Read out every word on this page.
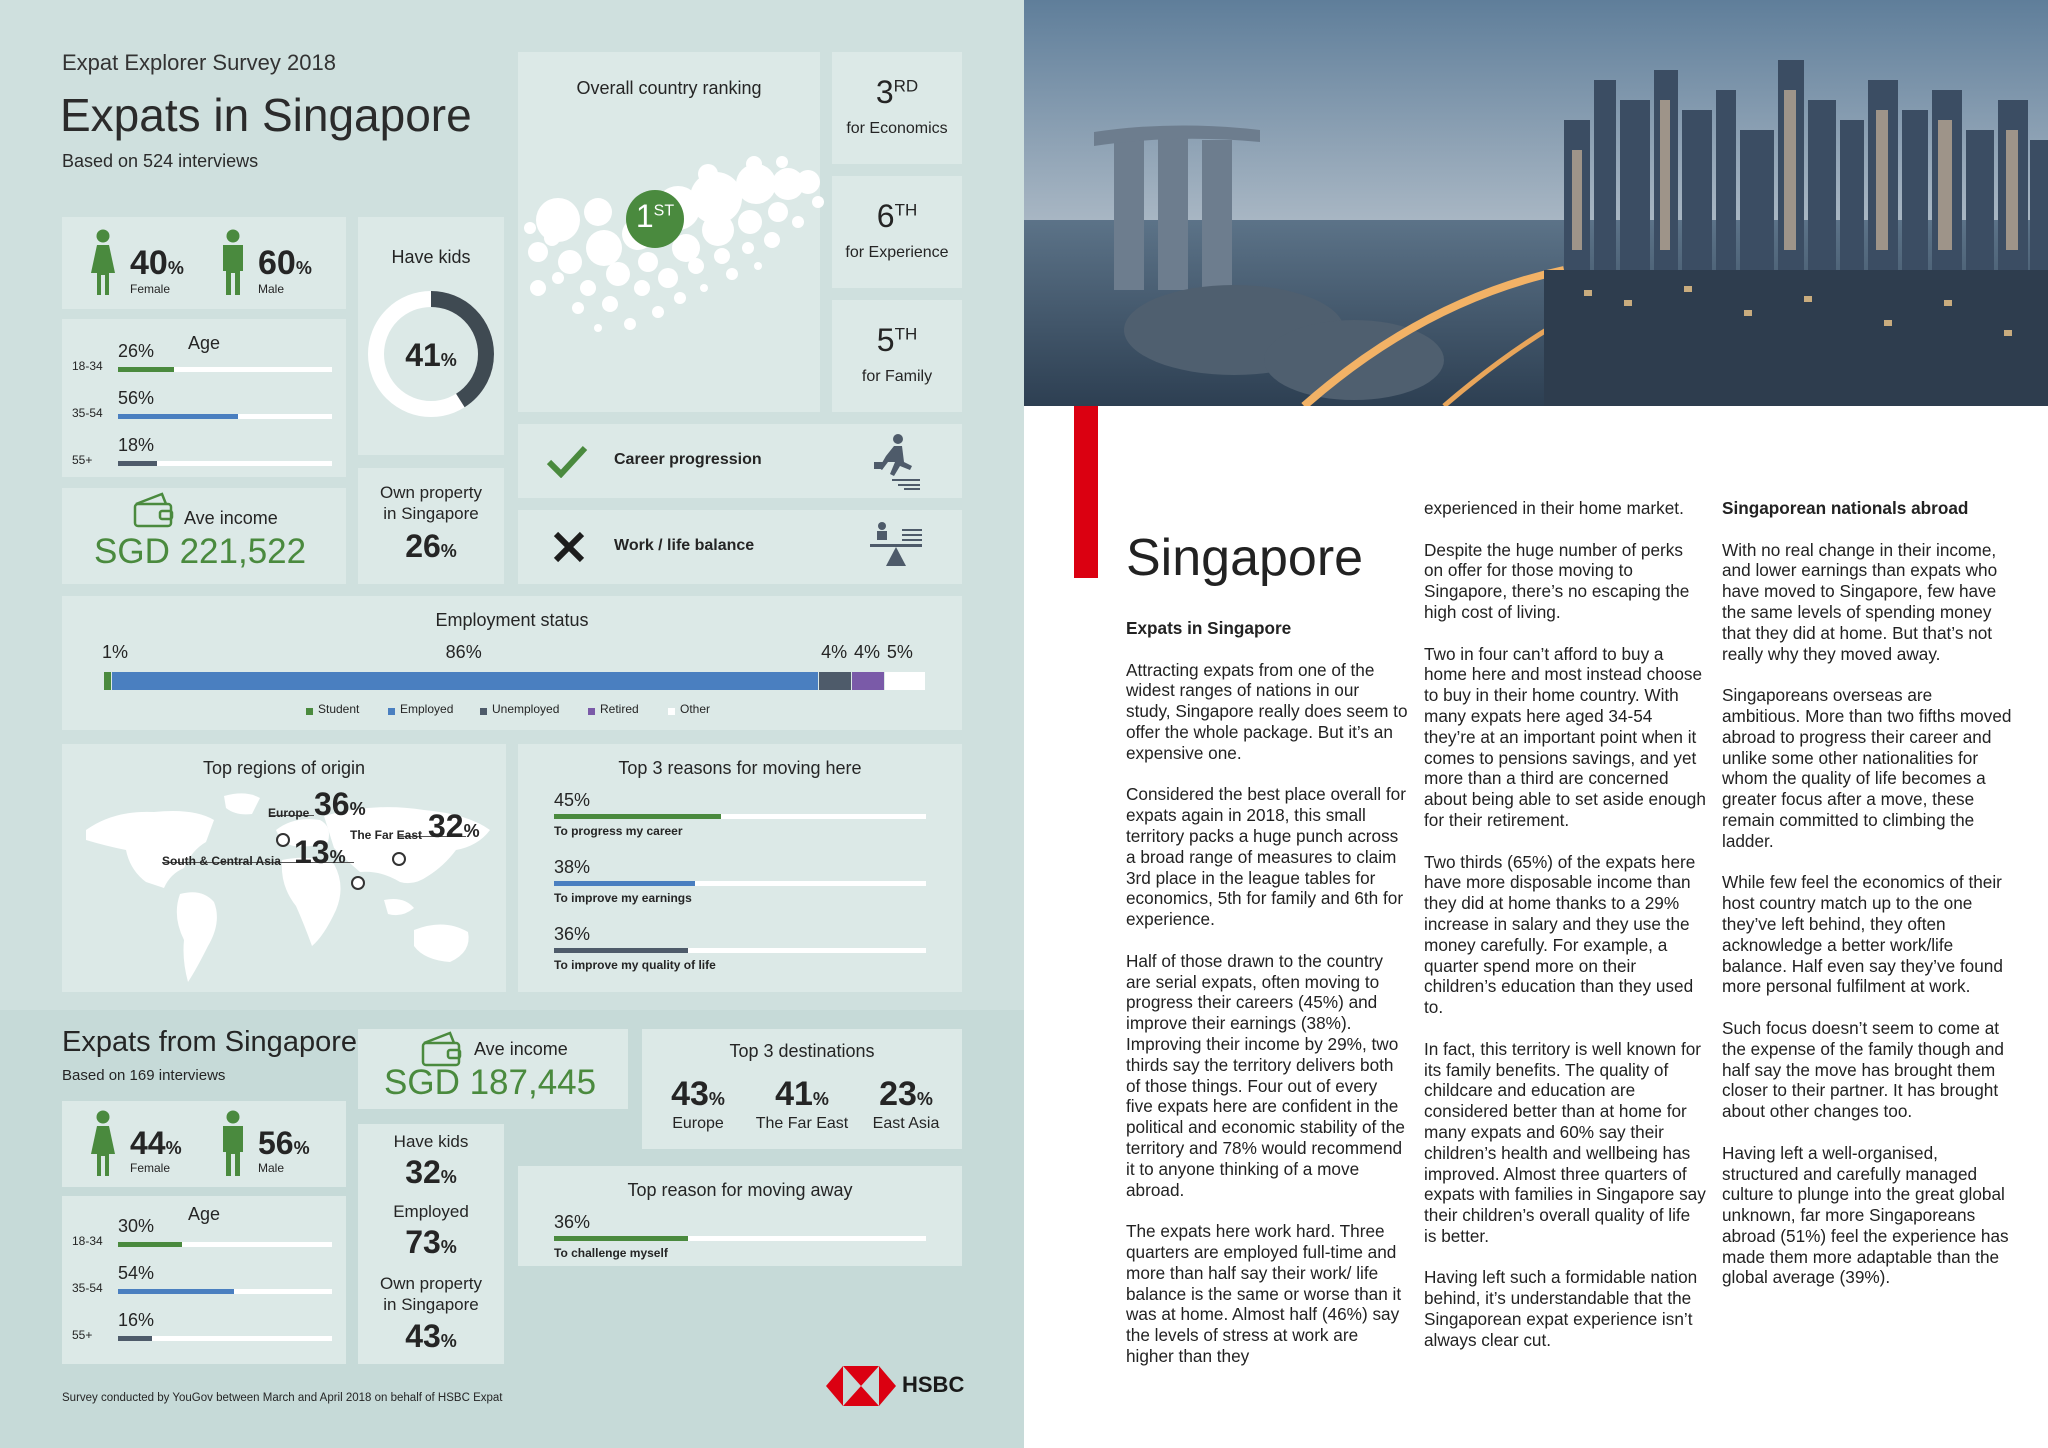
Expat Explorer Survey 2018
Expats in Singapore
Based on 524 interviews
40%
Female
60%
Male
Age
18-34
26%
35-54
56%
55+
18%
Have kids
41%
Ave income
SGD 221,522
Own property
in Singapore
26%
Overall country ranking
1ST
3RD
for Economics
6TH
for Experience
5TH
for Family
Career progression
Work / life balance
Employment status
1%	86%	4% 4% 5%
Student	Employed	Unemployed	Retired	Other
Top regions of origin
Europe 36%
The Far East 32%
South & Central Asia 13%
Top 3 reasons for moving here
45%
To progress my career
38%
To improve my earnings
36%
To improve my quality of life
Expats from Singapore
Based on 169 interviews
Ave income
SGD 187,445
Top 3 destinations
43%
Europe
41%
The Far East
23%
East Asia
44%
Female
56%
Male
Age
18-34
30%
35-54
54%
55+
16%
Have kids
32%
Employed
73%
Own property
in Singapore
43%
Top reason for moving away
36%
To challenge myself
Survey conducted by YouGov between March and April 2018 on behalf of HSBC Expat
HSBC
Singapore

Expats in Singapore

Attracting expats from one of the widest ranges of nations in our study, Singapore really does seem to offer the whole package. But it’s an expensive one.

Considered the best place overall for expats again in 2018, this small territory packs a huge punch across a broad range of measures to claim 3rd place in the league tables for economics, 5th for family and 6th for experience.

Half of those drawn to the country are serial expats, often moving to progress their careers (45%) and improve their earnings (38%). Improving their income by 29%, two thirds say the territory delivers both of those things. Four out of every five expats here are confident in the political and economic stability of the territory and 78% would recommend it to anyone thinking of a move abroad.

The expats here work hard. Three quarters are employed full-time and more than half say their work/ life balance is the same or worse than it was at home. Almost half (46%) say the levels of stress at work are higher than they

experienced in their home market.

Despite the huge number of perks on offer for those moving to Singapore, there’s no escaping the high cost of living.

Two in four can’t afford to buy a home here and most instead choose to buy in their home country. With many expats here aged 34-54 they’re at an important point when it comes to pensions savings, and yet more than a third are concerned about being able to set aside enough for their retirement.

Two thirds (65%) of the expats here have more disposable income than they did at home thanks to a 29% increase in salary and they use the money carefully. For example, a quarter spend more on their children’s education than they used to.

In fact, this territory is well known for its family benefits. The quality of childcare and education are considered better than at home for many expats and 60% say their children’s health and wellbeing has improved. Almost three quarters of expats with families in Singapore say their children’s overall quality of life is better.

Having left such a formidable nation behind, it’s understandable that the Singaporean expat experience isn’t always clear cut.

Singaporean nationals abroad

With no real change in their income, and lower earnings than expats who have moved to Singapore, few have the same levels of spending money that they did at home. But that’s not really why they moved away.

Singaporeans overseas are ambitious. More than two fifths moved abroad to progress their career and unlike some other nationalities for whom the quality of life becomes a greater focus after a move, these remain committed to climbing the ladder.

While few feel the economics of their host country match up to the one they’ve left behind, they often acknowledge a better work/life balance. Half even say they’ve found more personal fulfilment at work.

Such focus doesn’t seem to come at the expense of the family though and half say the move has brought them closer to their partner. It has brought about other changes too.

Having left a well-organised, structured and carefully managed culture to plunge into the great global unknown, far more Singaporeans abroad (51%) feel the experience has made them more adaptable than the global average (39%).
